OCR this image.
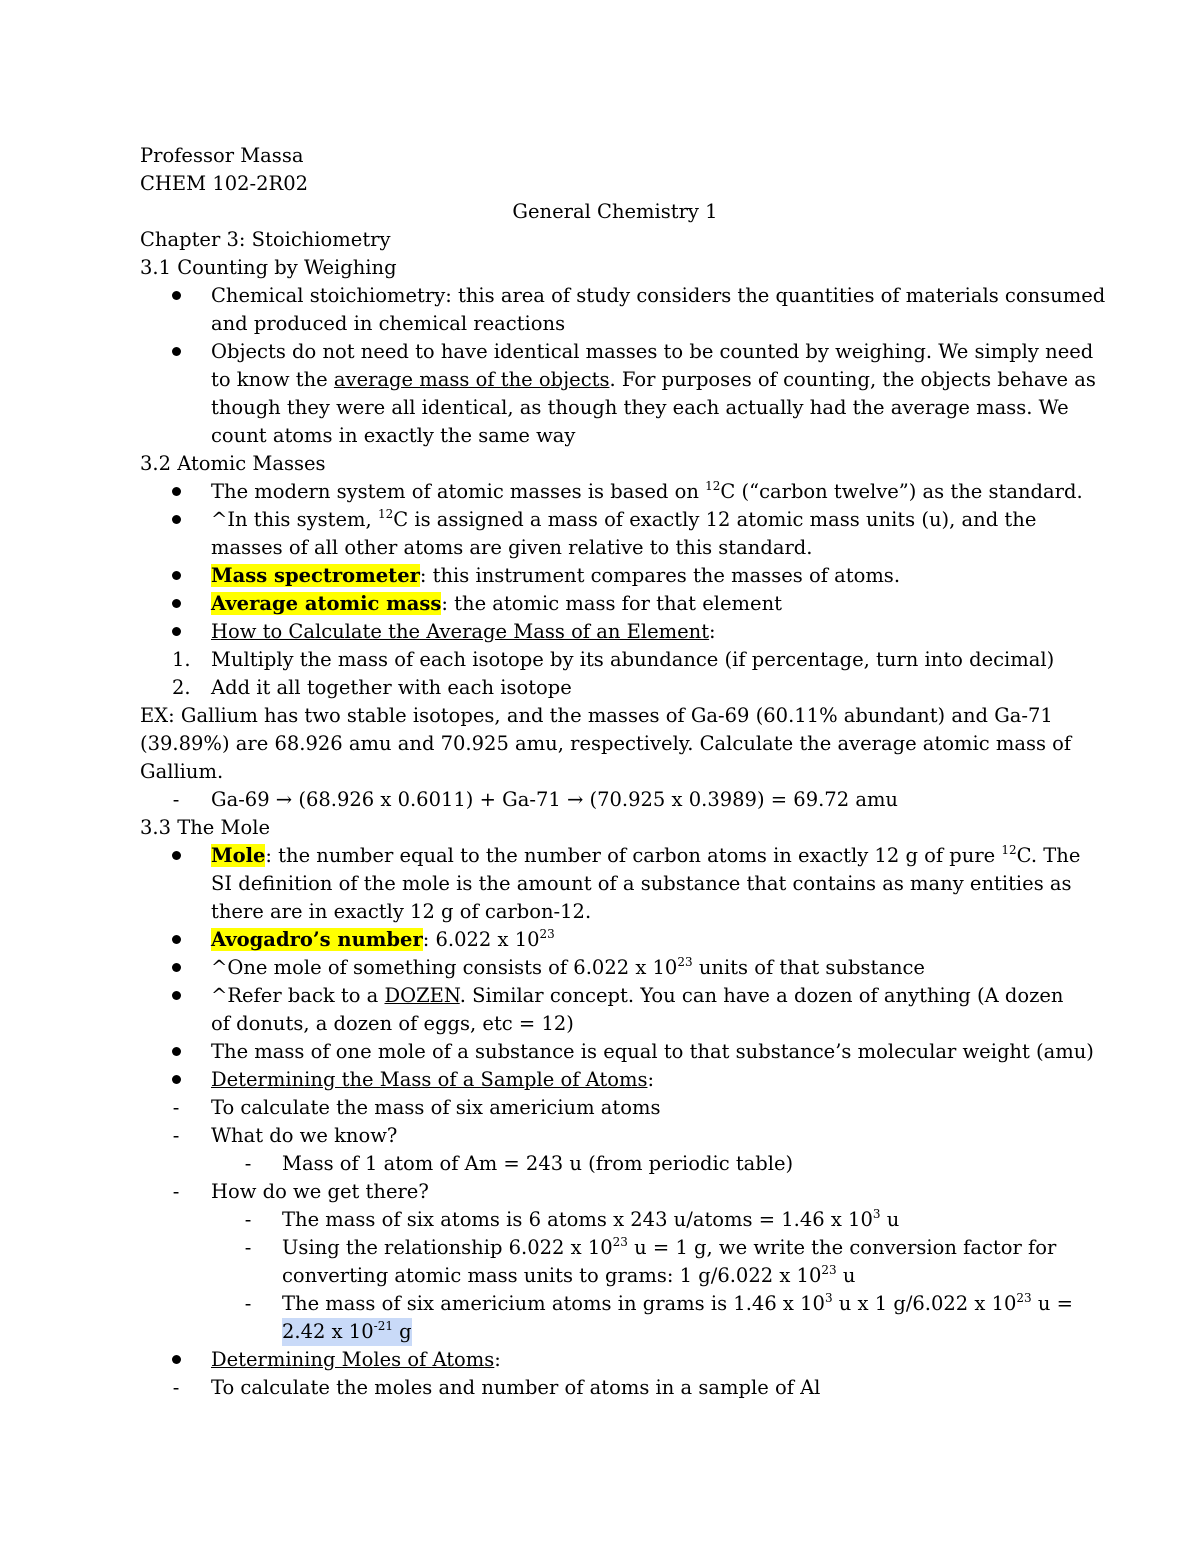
Professor Massa
CHEM 102-2R02
General Chemistry 1
Chapter 3: Stoichiometry
3.1 Counting by Weighing
Chemical stoichiometry: this area of study considers the quantities of materials consumed
and produced in chemical reactions
Objects do not need to have identical masses to be counted by weighing. We simply need
to know the average mass of the objects. For purposes of counting, the objects behave as
though they were all identical, as though they each actually had the average mass. We
count atoms in exactly the same way
3.2 Atomic Masses
The modern system of atomic masses is based on $^{12}$C (“carbon twelve”) as the standard.
^In this system, $^{12}$C is assigned a mass of exactly 12 atomic mass units (u), and the
masses of all other atoms are given relative to this standard.
Mass spectrometer: this instrument compares the masses of atoms.
Average atomic mass: the atomic mass for that element
How to Calculate the Average Mass of an Element:
1. Multiply the mass of each isotope by its abundance (if percentage, turn into decimal)
2. Add it all together with each isotope
EX: Gallium has two stable isotopes, and the masses of Ga-69 (60.11% abundant) and Ga-71
(39.89%) are 68.926 amu and 70.925 amu, respectively. Calculate the average atomic mass of
Gallium.
- Ga-69 → (68.926 x 0.6011) + Ga-71 → (70.925 x 0.3989) = 69.72 amu
3.3 The Mole
Mole: the number equal to the number of carbon atoms in exactly 12 g of pure $^{12}$C. The
SI definition of the mole is the amount of a substance that contains as many entities as
there are in exactly 12 g of carbon-12.
Avogadro’s number: 6.022 x $10^{23}$
^One mole of something consists of 6.022 x $10^{23}$ units of that substance
^Refer back to a DOZEN. Similar concept. You can have a dozen of anything (A dozen
of donuts, a dozen of eggs, etc = 12)
The mass of one mole of a substance is equal to that substance’s molecular weight (amu)
Determining the Mass of a Sample of Atoms:
- To calculate the mass of six americium atoms
- What do we know?
- Mass of 1 atom of Am = 243 u (from periodic table)
- How do we get there?
- The mass of six atoms is 6 atoms x 243 u/atoms = 1.46 x $10^3$ u
- Using the relationship 6.022 x $10^{23}$ u = 1 g, we write the conversion factor for
converting atomic mass units to grams: 1 g/6.022 x $10^{23}$ u
- The mass of six americium atoms in grams is 1.46 x $10^3$ u x 1 g/6.022 x $10^{23}$ u =
2.42 x $10^{-21}$ g
Determining Moles of Atoms:
- To calculate the moles and number of atoms in a sample of Al
